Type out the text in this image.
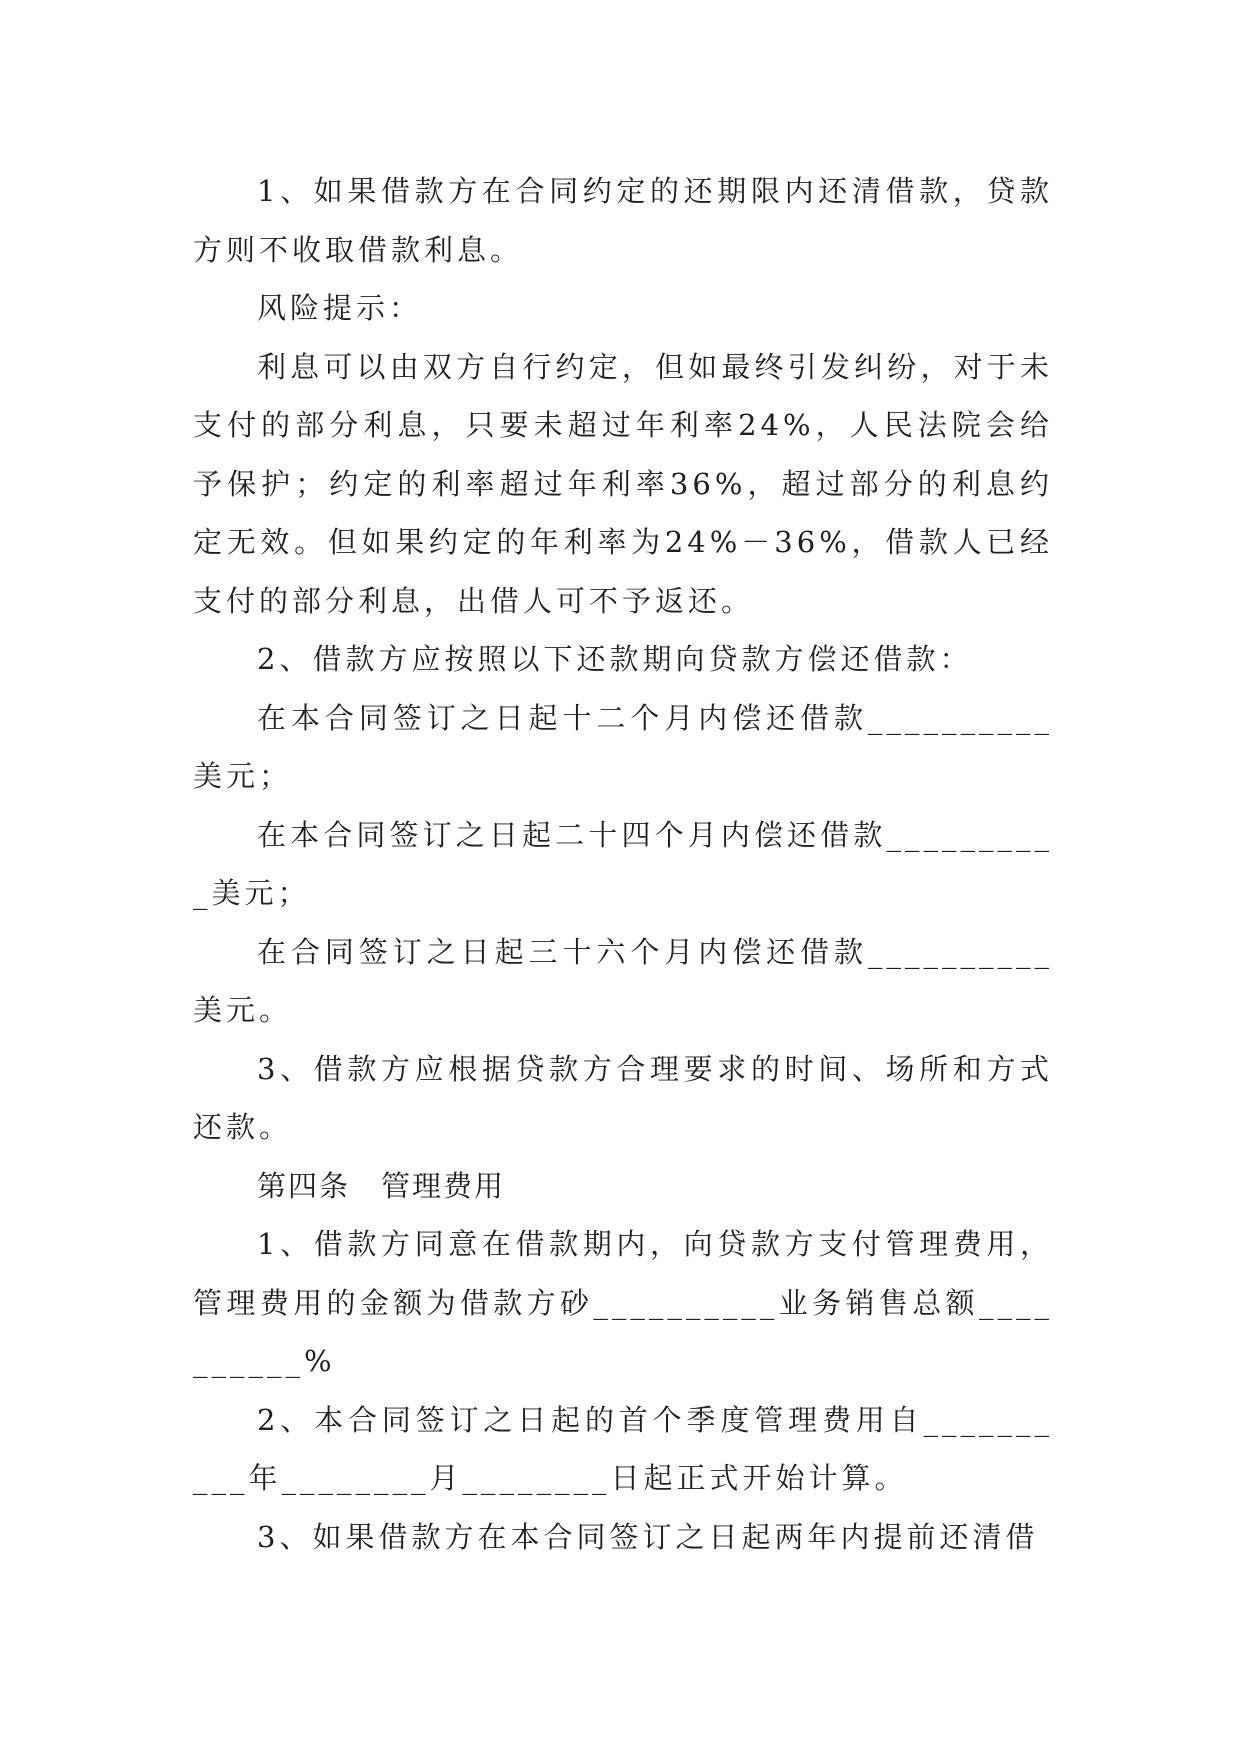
1、如果借款方在合同约定的还期限内还清借款，贷款方则不收取借款利息。

风险提示：

利息可以由双方自行约定，但如最终引发纠纷，对于未支付的部分利息，只要未超过年利率24%，人民法院会给予保护；约定的利率超过年利率36%，超过部分的利息约定无效。但如果约定的年利率为24%－36%，借款人已经支付的部分利息，出借人可不予返还。

2、借款方应按照以下还款期向贷款方偿还借款：

在本合同签订之日起十二个月内偿还借款__________美元；

在本合同签订之日起二十四个月内偿还借款__________美元；

在合同签订之日起三十六个月内偿还借款__________美元。

3、借款方应根据贷款方合理要求的时间、场所和方式还款。

第四条　管理费用

1、借款方同意在借款期内，向贷款方支付管理费用，管理费用的金额为借款方砂__________业务销售总额__________%

2、本合同签订之日起的首个季度管理费用自__________年________月________日起正式开始计算。

3、如果借款方在本合同签订之日起两年内提前还清借
